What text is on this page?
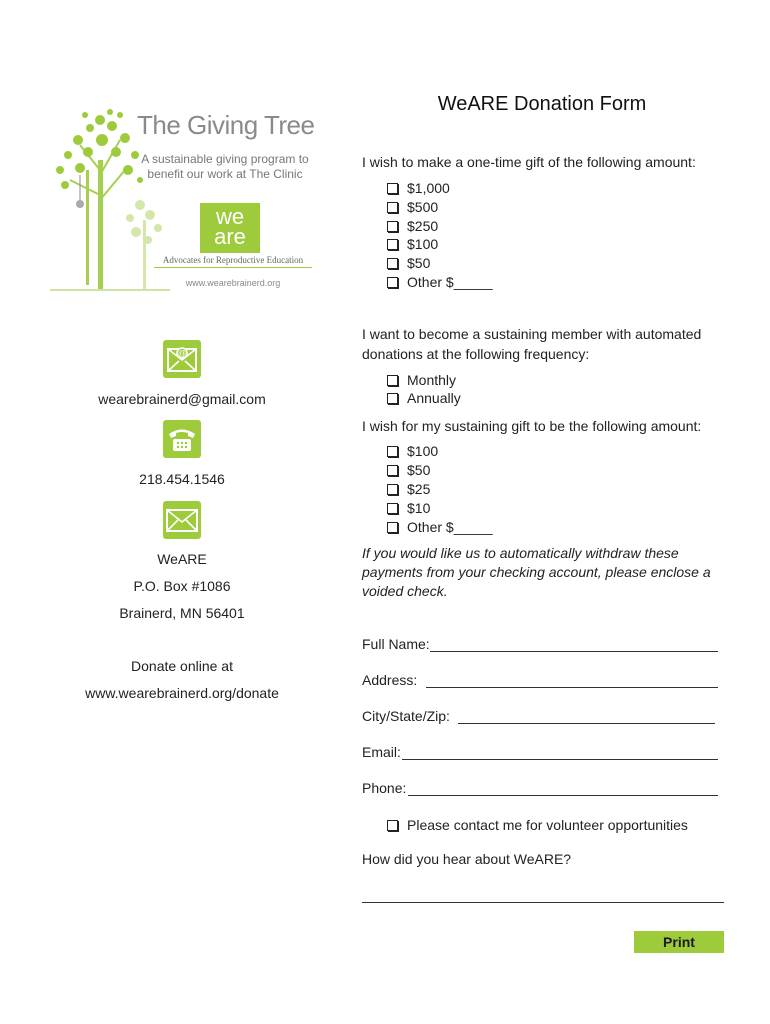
The Giving Tree
A sustainable giving program to benefit our work at The Clinic
we
are
Advocates for Reproductive Education
www.wearebrainerd.org
@
wearebrainerd@gmail.com
218.454.1546
WeARE
P.O. Box #1086
Brainerd, MN 56401
Donate online at
www.wearebrainerd.org/donate
WeARE Donation Form
I wish to make a one-time gift of the following amount:
$1,000
$500
$250
$100
$50
Other $_____
I want to become a sustaining member with automated donations at the following frequency:
Monthly
Annually
I wish for my sustaining gift to be the following amount:
$100
$50
$25
$10
Other $_____
If you would like us to automatically withdraw these payments from your checking account, please enclose a voided check.
Full Name:
Address:
City/State/Zip:
Email:
Phone:
Please contact me for volunteer opportunities
How did you hear about WeARE?
Print
